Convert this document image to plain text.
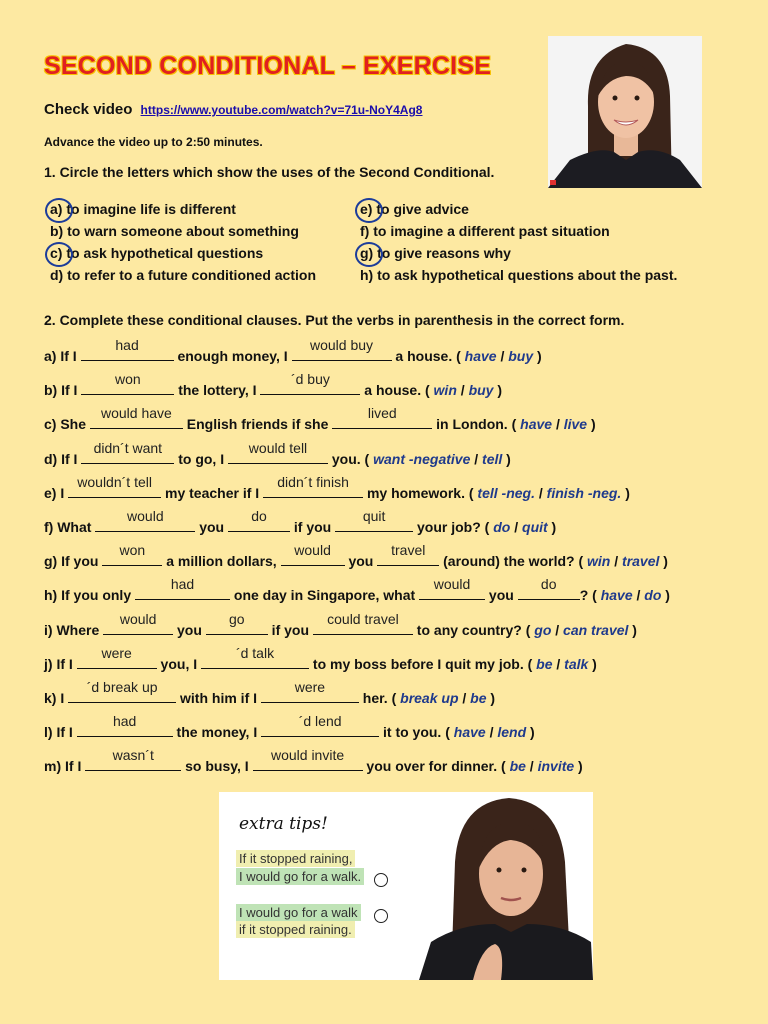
SECOND CONDITIONAL – EXERCISE
Check video https://www.youtube.com/watch?v=71u-NoY4Ag8
Advance the video up to 2:50 minutes.
1. Circle the letters which show the uses of the Second Conditional.
a) to imagine life is different
b) to warn someone about something
c) to ask hypothetical questions
d) to refer to a future conditioned action
e) to give advice
f) to imagine a different past situation
g) to give reasons why
h) to ask hypothetical questions about the past.
2. Complete these conditional clauses. Put the verbs in parenthesis in the correct form.
a) If I
had
enough money, I
would buy
a house. ( have / buy )
b) If I
won
the lottery, I
´d buy
a house. ( win / buy )
c) She
would have
English friends if she
lived
in London. ( have / live )
d) If I
didn´t want
to go, I
would tell
you. ( want -negative / tell )
e) I
wouldn´t tell
my teacher if I
didn´t finish
my homework. ( tell -neg. / finish -neg. )
f) What
would
you
do
if you
quit
your job? ( do / quit )
g) If you
won
a million dollars,
would
you
travel
(around) the world? ( win / travel )
h) If you only
had
one day in Singapore, what
would
you
do
? ( have / do )
i) Where
would
you
go
if you
could travel
to any country? ( go / can travel )
j) If I
were
you, I
´d talk
to my boss before I quit my job. ( be / talk )
k) I
´d break up
with him if I
were
her. ( break up / be )
l) If I
had
the money, I
´d lend
it to you. ( have / lend )
m) If I
wasn´t
so busy, I
would invite
you over for dinner. ( be / invite )
extra tips!
If it stopped raining,
I would go for a walk.
I would go for a walk
if it stopped raining.
